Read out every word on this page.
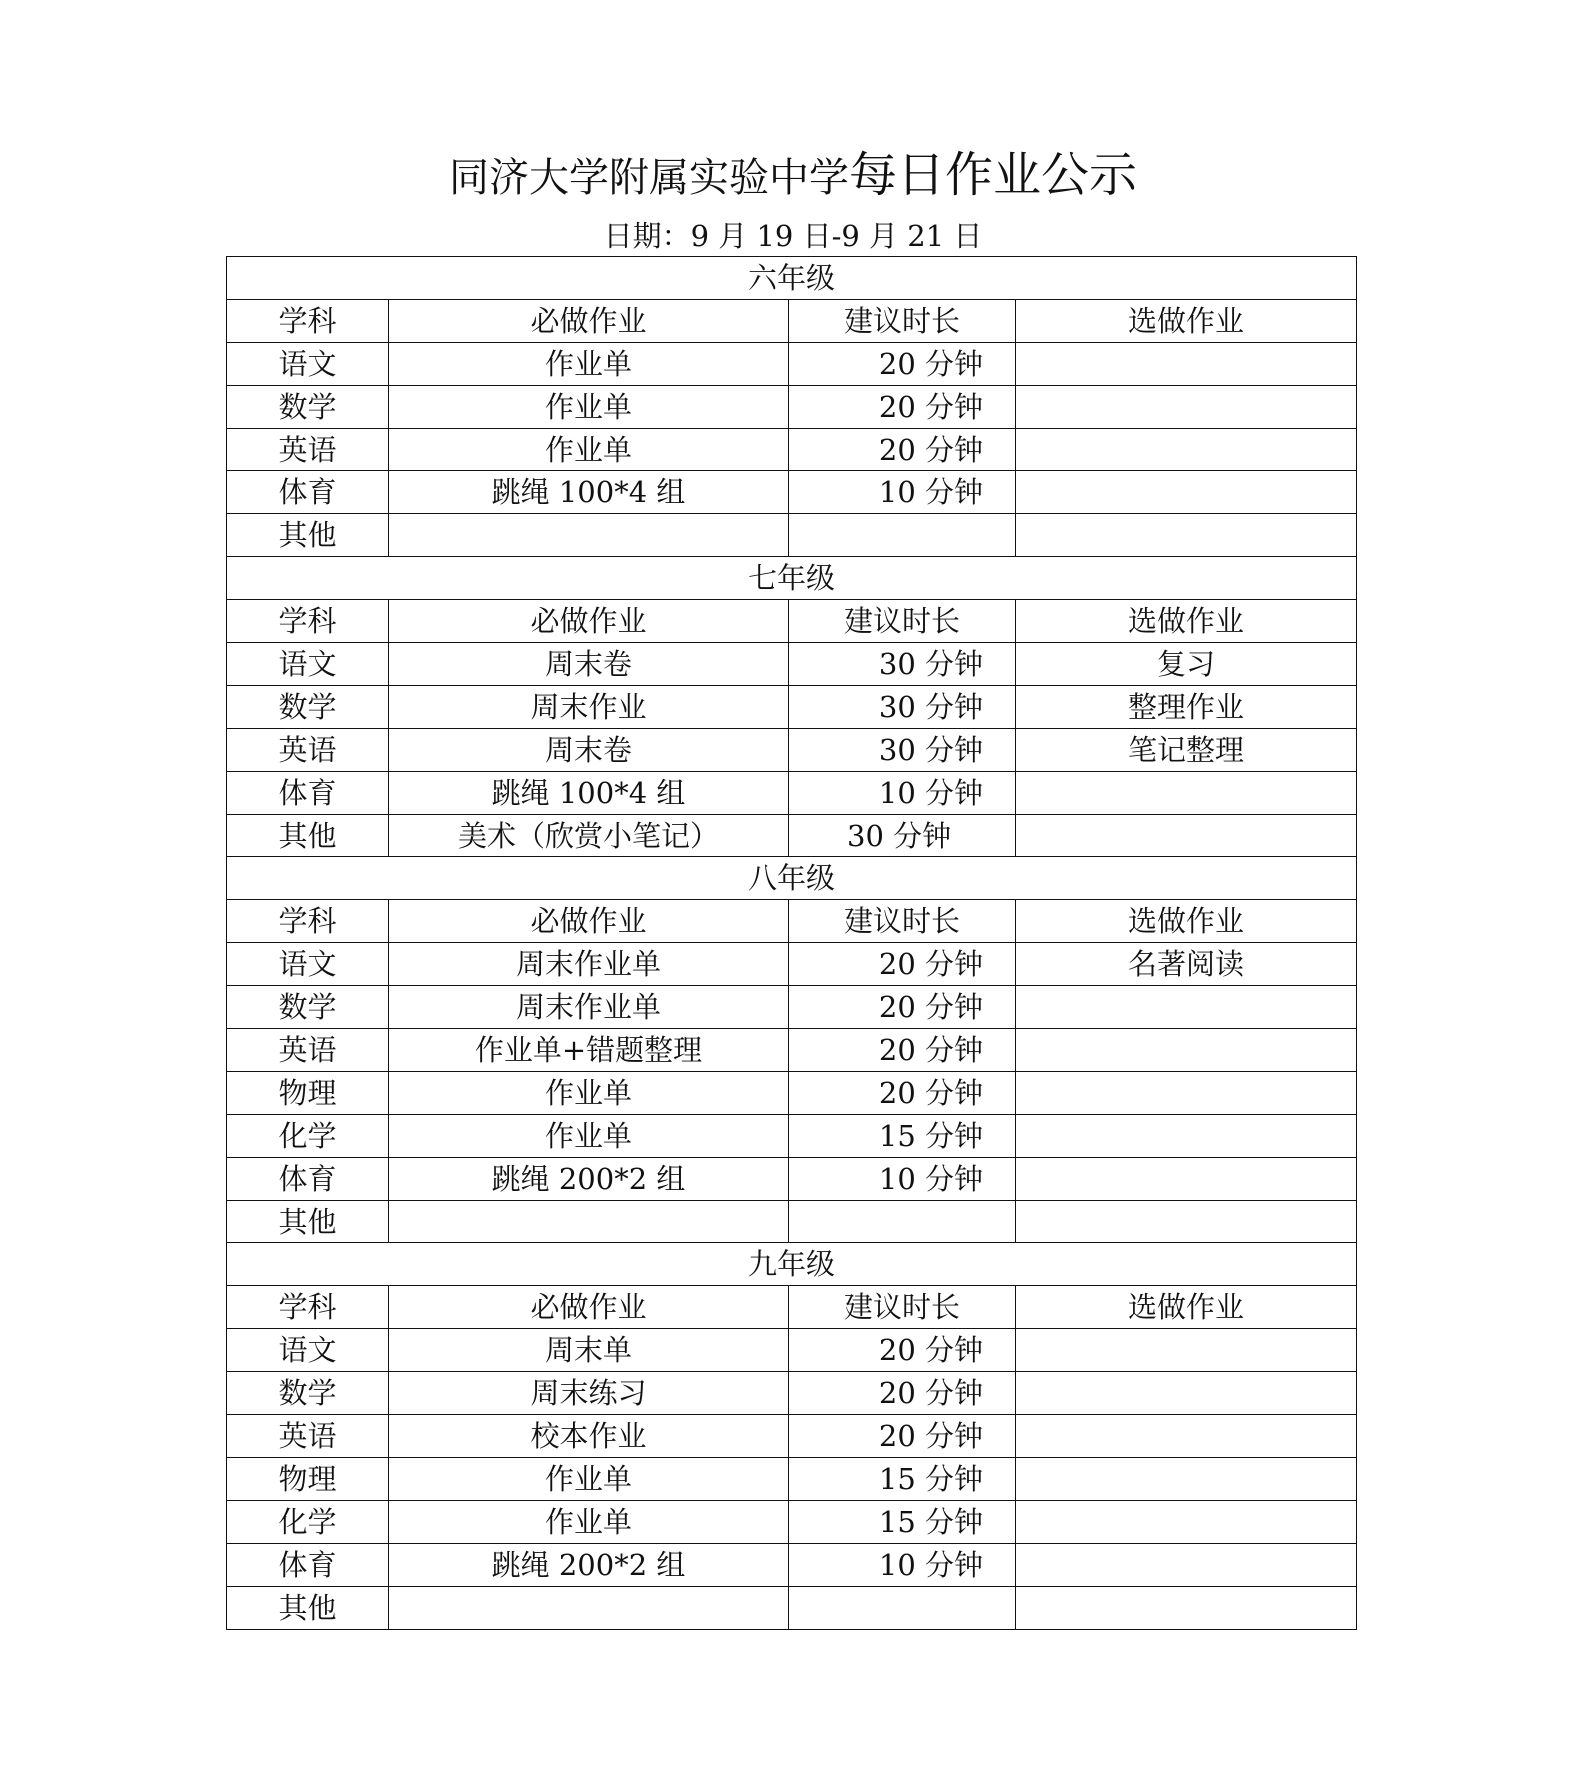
同济大学附属实验中学每日作业公示
日期：9 月 19 日-9 月 21 日
六年级			
学科	必做作业	建议时长	选做作业
语文	作业单	20 分钟	
数学	作业单	20 分钟	
英语	作业单	20 分钟	
体育	跳绳 100*4 组	10 分钟	
其他			
七年级			
学科	必做作业	建议时长	选做作业
语文	周末卷	30 分钟	复习
数学	周末作业	30 分钟	整理作业
英语	周末卷	30 分钟	笔记整理
体育	跳绳 100*4 组	10 分钟	
其他	美术（欣赏小笔记）	30 分钟	
八年级			
学科	必做作业	建议时长	选做作业
语文	周末作业单	20 分钟	名著阅读
数学	周末作业单	20 分钟	
英语	作业单+错题整理	20 分钟	
物理	作业单	20 分钟	
化学	作业单	15 分钟	
体育	跳绳 200*2 组	10 分钟	
其他			
九年级			
学科	必做作业	建议时长	选做作业
语文	周末单	20 分钟	
数学	周末练习	20 分钟	
英语	校本作业	20 分钟	
物理	作业单	15 分钟	
化学	作业单	15 分钟	
体育	跳绳 200*2 组	10 分钟	
其他			
